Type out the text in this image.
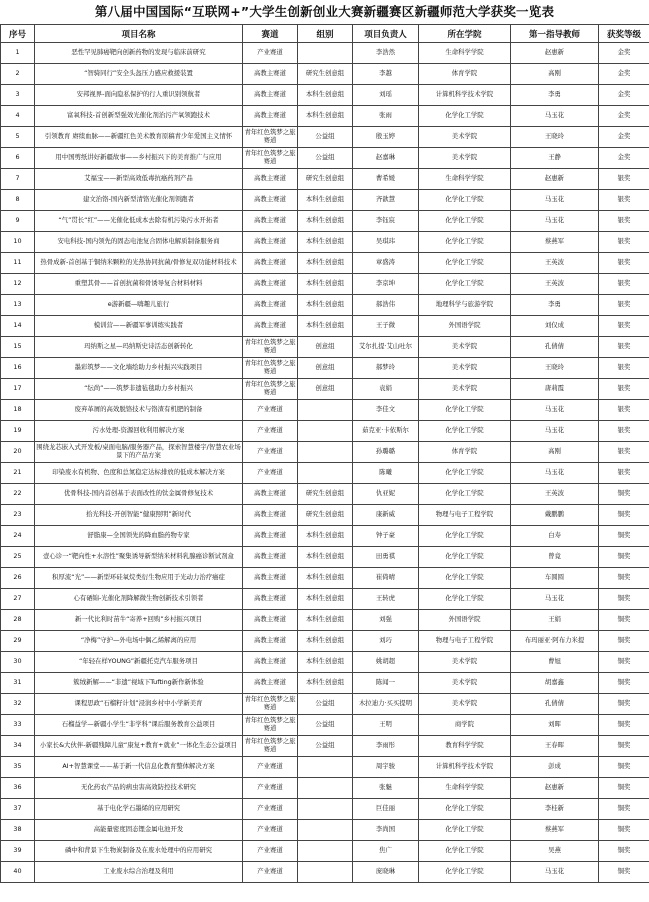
第八届中国国际“互联网+”大学生创新创业大赛新疆赛区新疆师范大学获奖一览表
序号	项目名称	赛道	组别	项目负责人	所在学院	第一指导教师	获奖等级
1	恶性罕见肺癌靶向创新药物的发现与临床前研究	产业赛道		李浩然	生命科学学院	赵惠新	金奖
2	“智骑同行”安全头盔压力感应救援装置	高教主赛道	研究生创意组	李越	体育学院	高刚	金奖
3	安邦视界-面向隐私保护的行人重识别领航者	高教主赛道	本科生创意组	刘瑶	计算机科学技术学院	李勇	金奖
4	富氧科技-首创新型强效光催化剂治污产氧领跑技术	高教主赛道	本科生创意组	张雨	化学化工学院	马玉花	金奖
5	引领教育 赓续血脉——新疆红色美术教育原稿青少年爱国主义情怀	青年红色筑梦之旅赛道	公益组	殷玉婷	美术学院	王晓玲	金奖
6	用中国剪纸讲好新疆故事——乡村振兴下的美育推广与应用	青年红色筑梦之旅赛道	公益组	赵嘉琳	美术学院	王静	金奖
7	艾福宝——新型高效低毒抗癌药剂产品	高教主赛道	研究生创意组	曹希媛	生命科学学院	赵惠新	银奖
8	建文治铬-国内新型清铬光催化剂领跑者	高教主赛道	本科生创意组	齐歆慧	化学化工学院	马玉花	银奖
9	“气”贯长“红”——光催化低成本去除有机污染污水开拓者	高教主赛道	本科生创意组	李钰宸	化学化工学院	马玉花	银奖
10	安电科技-国内领先的固态电池复合固体电解质制备服务商	高教主赛道	本科生创意组	吴琪玮	化学化工学院	蔡燕军	银奖
11	热骨成新-首创基于铜纳米颗粒的光热协同抗菌/骨修复双功能材料技术	高教主赛道	本科生创意组	章盛涛	化学化工学院	王英波	银奖
12	重塑其骨——首创抗菌和骨诱导复合材料材料	高教主赛道	本科生创意组	李京坤	化学化工学院	王英波	银奖
13	e游新疆—嗨趣儿旅行	高教主赛道	本科生创意组	郝浩伟	地理科学与旅游学院	李勇	银奖
14	模训营——新疆军事训练实践者	高教主赛道	本科生创意组	王子微	外国语学院	刘仅成	银奖
15	玛纳斯之星—玛纳斯史诗活态创新转化	青年红色筑梦之旅赛道	创意组	艾尔扎提·艾山吐尔	美术学院	孔倩倩	银奖
16	墨彩筑梦——文化墙绘助力乡村振兴实践项目	青年红色筑梦之旅赛道	创意组	郝梦玲	美术学院	王晓玲	银奖
17	“纭尚”——筑梦非遗毡毯助力乡村振兴	青年红色筑梦之旅赛道	创意组	袁娟	美术学院	唐莉霞	银奖
18	废弃革屑的高效脱铬技术与铬渣有机肥的制备	产业赛道		李佳文	化学化工学院	马玉花	银奖
19	污水处理-资源回收利用解决方案	产业赛道		茹克亚·卡依斯尔	化学化工学院	马玉花	银奖
20	围绕龙芯嵌入式开发板/桌面电脑/服务器产品，探索智慧楼宇/智慧农业场景下的产品方案	产业赛道		孙璐璐	体育学院	高刚	银奖
21	印染废水有机物、色度和总氮稳定达标排放的低成本解决方案	产业赛道		陈曦	化学化工学院	马玉花	银奖
22	优骨科技-国内首创基于表面改性的钛金属骨修复技术	高教主赛道	研究生创意组	仇亚妮	化学化工学院	王英波	铜奖
23	拾光科技-开创智能“健康照明”新时代	高教主赛道	研究生创意组	康新威	物理与电子工程学院	戴鹏鹏	铜奖
24	舒脂康—全国领先的降血脂药物专家	高教主赛道	本科生创意组	钟子豪	化学化工学院	白寿	铜奖
25	壹心诊一“靶向性+水溶性”聚集诱导新型纳米材料乳腺癌诊断试剂盒	高教主赛道	本科生创意组	田勇祺	化学化工学院	曾竟	铜奖
26	积厚流“光”——新型环硅氧烷类衍生物应用于光动力治疗癌症	高教主赛道	本科生创意组	崔倚晴	化学化工学院	车圆圆	铜奖
27	心有硒锦-光催化剂降解微生物创新技术引领者	高教主赛道	本科生创意组	王转虎	化学化工学院	马玉花	铜奖
28	新一代比利时苗牛“寄养+回购”乡村振兴项目	高教主赛道	本科生创意组	刘强	外国语学院	王娟	铜奖
29	“净梅”守护—外电场中偶乙烯解离的应用	高教主赛道	本科生创意组	刘巧	物理与电子工程学院	布玛丽亚·阿布力米提	铜奖
30	“年轻在样YOUNG”新疆托克汽车服务项目	高教主赛道	本科生创意组	姚胡超	美术学院	曹旭	铜奖
31	簇绒新解——“非遗”视域下Tufting新作新体验	高教主赛道	本科生创意组	陈闻一	美术学院	胡嘉鑫	铜奖
32	课程思政“石榴籽计划”浸润乡村中小学新美育	青年红色筑梦之旅赛道	公益组	木拉迪力·买买提明	美术学院	孔倩倩	铜奖
33	石榴益学—新疆小学生“非学科”课后服务教育公益项目	青年红色筑梦之旅赛道	公益组	王明	商学院	刘晖	铜奖
34	小家长&大伙伴-新疆残障儿童“康复+教育+就业”一体化生态公益项目	青年红色筑梦之旅赛道	公益组	李雨彤	教育科学学院	王春晖	铜奖
35	AI+智慧课堂——基于新一代信息化教育整体解决方案	产业赛道		周宇骏	计算机科学技术学院	彭成	铜奖
36	无化药农产品的病虫害高效防控技术研究	产业赛道		张魅	生命科学学院	赵惠新	铜奖
37	基于电化学石墨烯的应用研究	产业赛道		巨佳丽	化学化工学院	李桂新	铜奖
38	高能量密度固态锂金属电池开发	产业赛道		李尚国	化学化工学院	蔡燕军	铜奖
39	磷中和背景下生物炭制备及在废水处理中的应用研究	产业赛道		焦广	化学化工学院	吴燕	铜奖
40	工业废水综合治理及利用	产业赛道		庞晓琳	化学化工学院	马玉花	铜奖
